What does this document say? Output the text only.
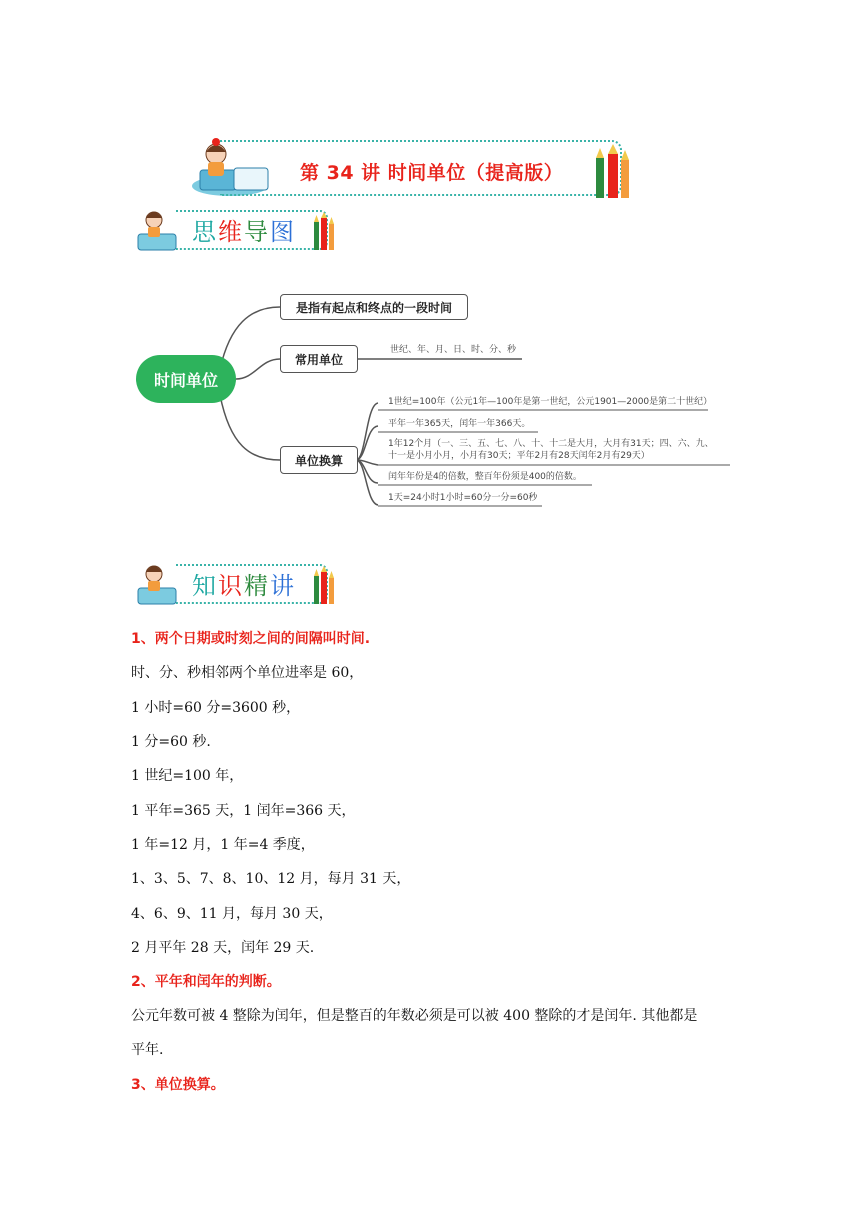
第 34 讲 时间单位（提高版）
思维导图
时间单位
是指有起点和终点的一段时间
常用单位
世纪、年、月、日、时、分、秒
单位换算
1世纪=100年（公元1年—100年是第一世纪，公元1901—2000是第二十世纪）
平年一年365天，闰年一年366天。
1年12个月（一、三、五、七、八、十、十二是大月，大月有31天；四、六、九、
十一是小月小月，小月有30天；平年2月有28天闰年2月有29天）
闰年年份是4的倍数，整百年份须是400的倍数。
1天=24小时1小时=60分一分=60秒
知识精讲
1、两个日期或时刻之间的间隔叫时间.
时、分、秒相邻两个单位进率是 60，
1 小时=60 分=3600 秒，
1 分=60 秒.
1 世纪=100 年，
1 平年=365 天，1 闰年=366 天，
1 年=12 月，1 年=4 季度，
1、3、5、7、8、10、12 月，每月 31 天，
4、6、9、11 月，每月 30 天，
2 月平年 28 天，闰年 29 天.
2、平年和闰年的判断。
公元年数可被 4 整除为闰年，但是整百的年数必须是可以被 400 整除的才是闰年. 其他都是
平年.
3、单位换算。
